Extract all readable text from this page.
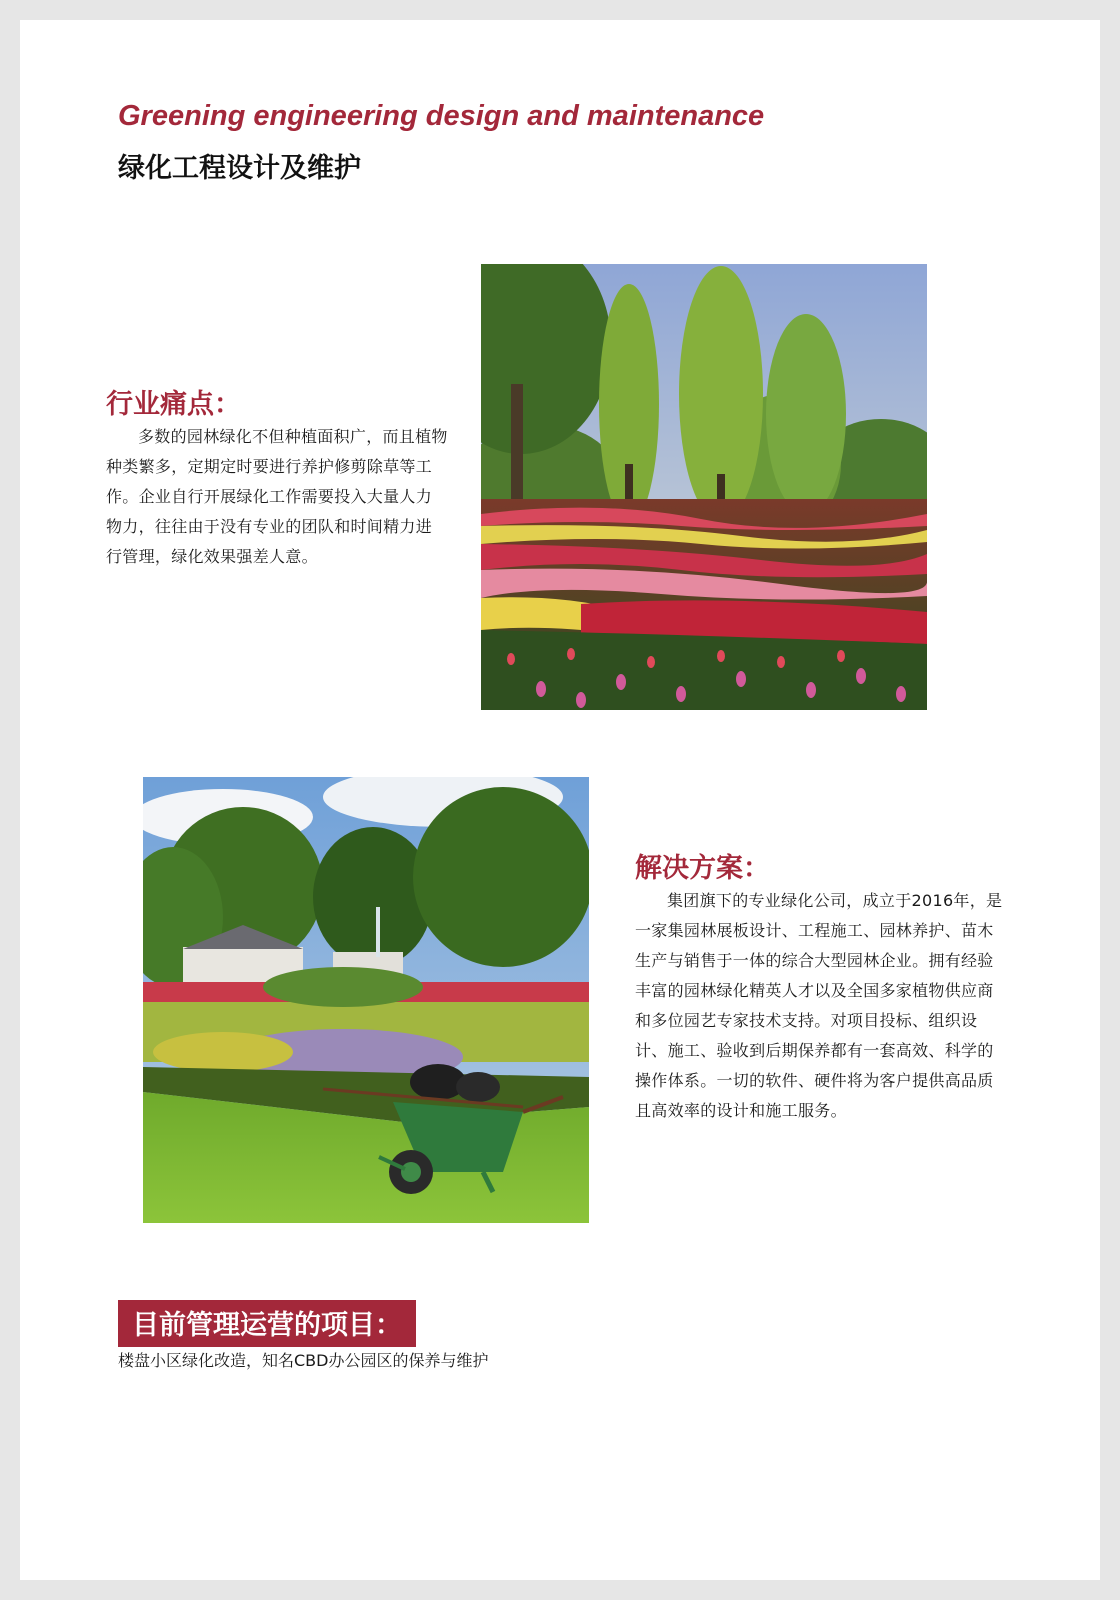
Greening engineering design and maintenance
绿化工程设计及维护
行业痛点：
多数的园林绿化不但种植面积广，而且植物种类繁多，定期定时要进行养护修剪除草等工作。企业自行开展绿化工作需要投入大量人力物力，往往由于没有专业的团队和时间精力进行管理，绿化效果强差人意。
解决方案：
集团旗下的专业绿化公司，成立于2016年，是一家集园林展板设计、工程施工、园林养护、苗木生产与销售于一体的综合大型园林企业。拥有经验丰富的园林绿化精英人才以及全国多家植物供应商和多位园艺专家技术支持。对项目投标、组织设计、施工、验收到后期保养都有一套高效、科学的操作体系。一切的软件、硬件将为客户提供高品质且高效率的设计和施工服务。
目前管理运营的项目：
楼盘小区绿化改造，知名CBD办公园区的保养与维护
